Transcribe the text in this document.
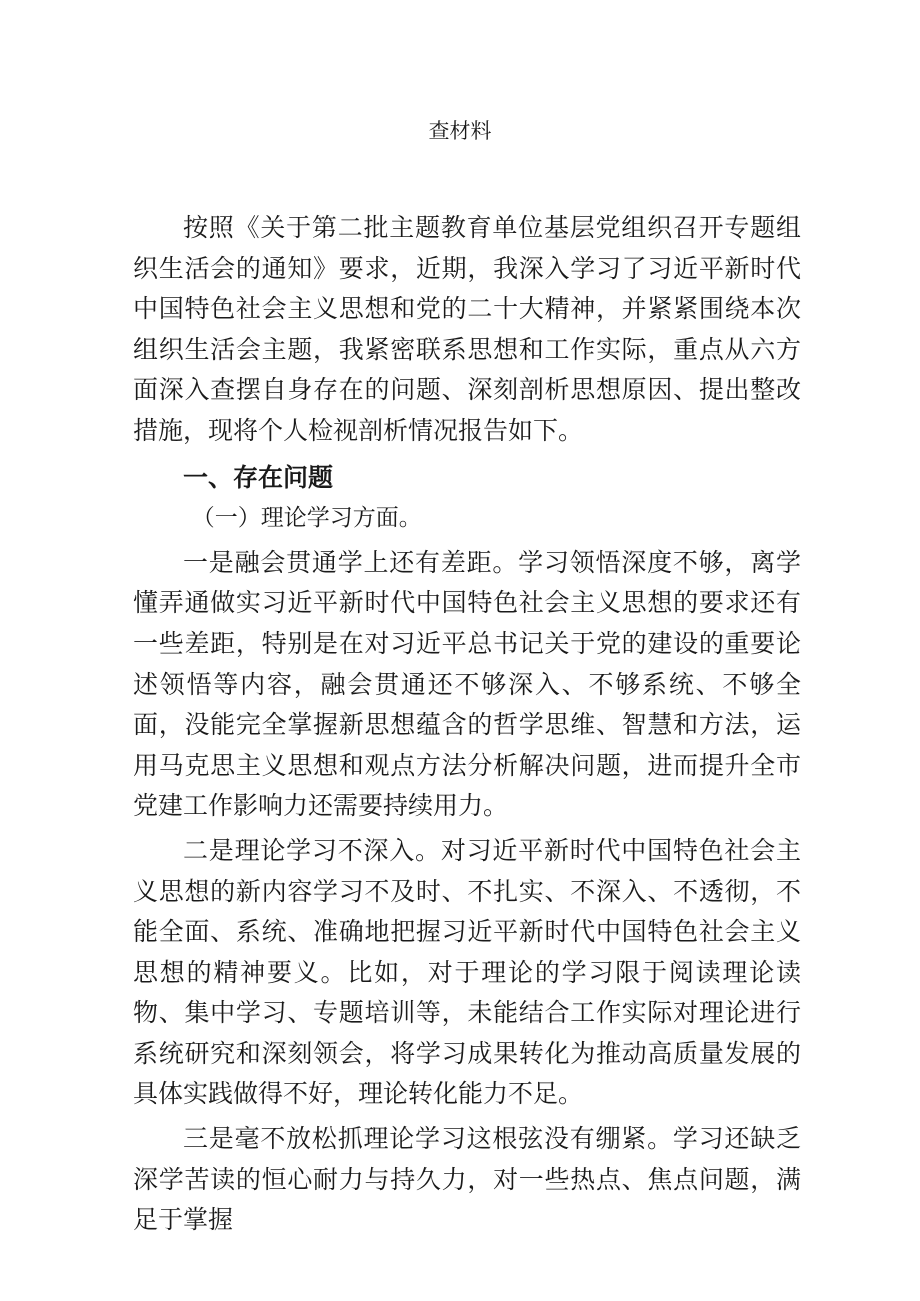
查材料

按照《关于第二批主题教育单位基层党组织召开专题组织生活会的通知》要求，近期，我深入学习了习近平新时代中国特色社会主义思想和党的二十大精神，并紧紧围绕本次组织生活会主题，我紧密联系思想和工作实际，重点从六方面深入查摆自身存在的问题、深刻剖析思想原因、提出整改措施，现将个人检视剖析情况报告如下。

一、存在问题

（一）理论学习方面。

一是融会贯通学上还有差距。学习领悟深度不够，离学懂弄通做实习近平新时代中国特色社会主义思想的要求还有一些差距，特别是在对习近平总书记关于党的建设的重要论述领悟等内容，融会贯通还不够深入、不够系统、不够全面，没能完全掌握新思想蕴含的哲学思维、智慧和方法，运用马克思主义思想和观点方法分析解决问题，进而提升全市党建工作影响力还需要持续用力。

二是理论学习不深入。对习近平新时代中国特色社会主义思想的新内容学习不及时、不扎实、不深入、不透彻，不能全面、系统、准确地把握习近平新时代中国特色社会主义思想的精神要义。比如，对于理论的学习限于阅读理论读物、集中学习、专题培训等，未能结合工作实际对理论进行系统研究和深刻领会，将学习成果转化为推动高质量发展的具体实践做得不好，理论转化能力不足。

三是毫不放松抓理论学习这根弦没有绷紧。学习还缺乏深学苦读的恒心耐力与持久力，对一些热点、焦点问题，满足于掌握
